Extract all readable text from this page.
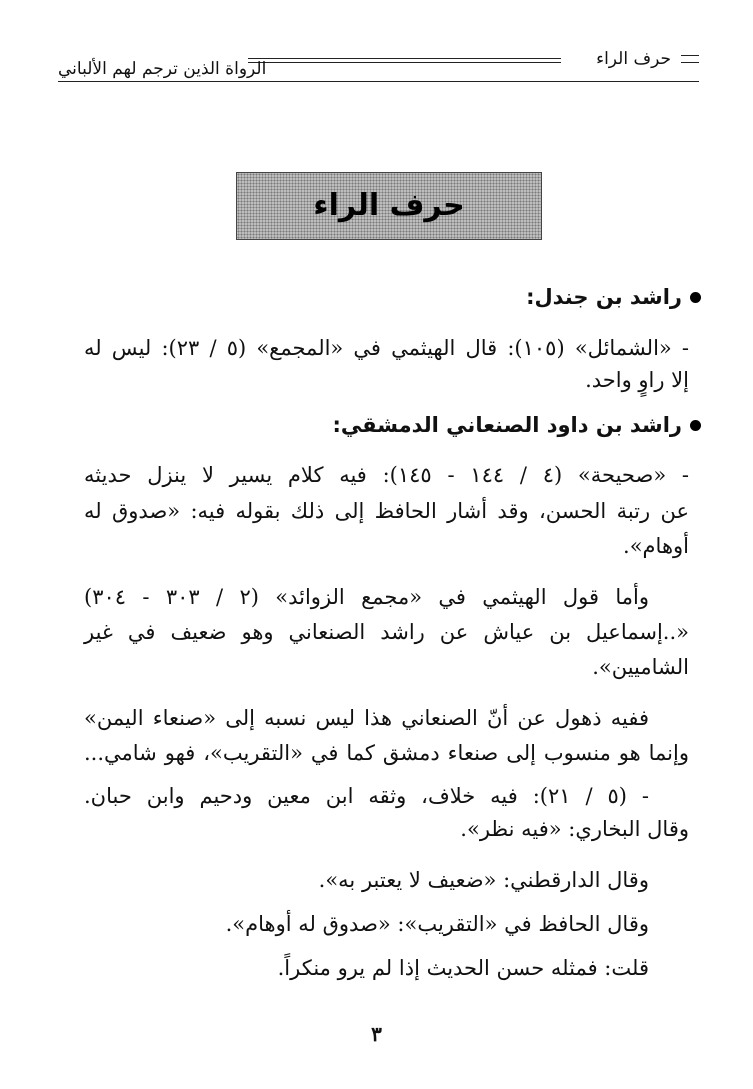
حرف الراء
الرواة الذين ترجم لهم الألباني
حرف الراء
راشد بن جندل:
- «الشمائل» (١٠٥): قال الهيثمي في «المجمع» (٥ / ٢٣): ليس له
إلا راوٍ واحد.
راشد بن داود الصنعاني الدمشقي:
- «صحيحة» (٤ / ١٤٤ - ١٤٥): فيه كلام يسير لا ينزل حديثه
عن رتبة الحسن، وقد أشار الحافظ إلى ذلك بقوله فيه: «صدوق له
أوهام».
وأما قول الهيثمي في «مجمع الزوائد» (٢ / ٣٠٣ - ٣٠٤)
«..إسماعيل بن عياش عن راشد الصنعاني وهو ضعيف في غير
الشاميين».
ففيه ذهول عن أنّ الصنعاني هذا ليس نسبه إلى «صنعاء اليمن»
وإنما هو منسوب إلى صنعاء دمشق كما في «التقريب»، فهو شامي...
- (٥ / ٢١): فيه خلاف، وثقه ابن معين ودحيم وابن حبان.
وقال البخاري: «فيه نظر».
وقال الدارقطني: «ضعيف لا يعتبر به».
وقال الحافظ في «التقريب»: «صدوق له أوهام».
قلت: فمثله حسن الحديث إذا لم يرو منكراً.
٣
